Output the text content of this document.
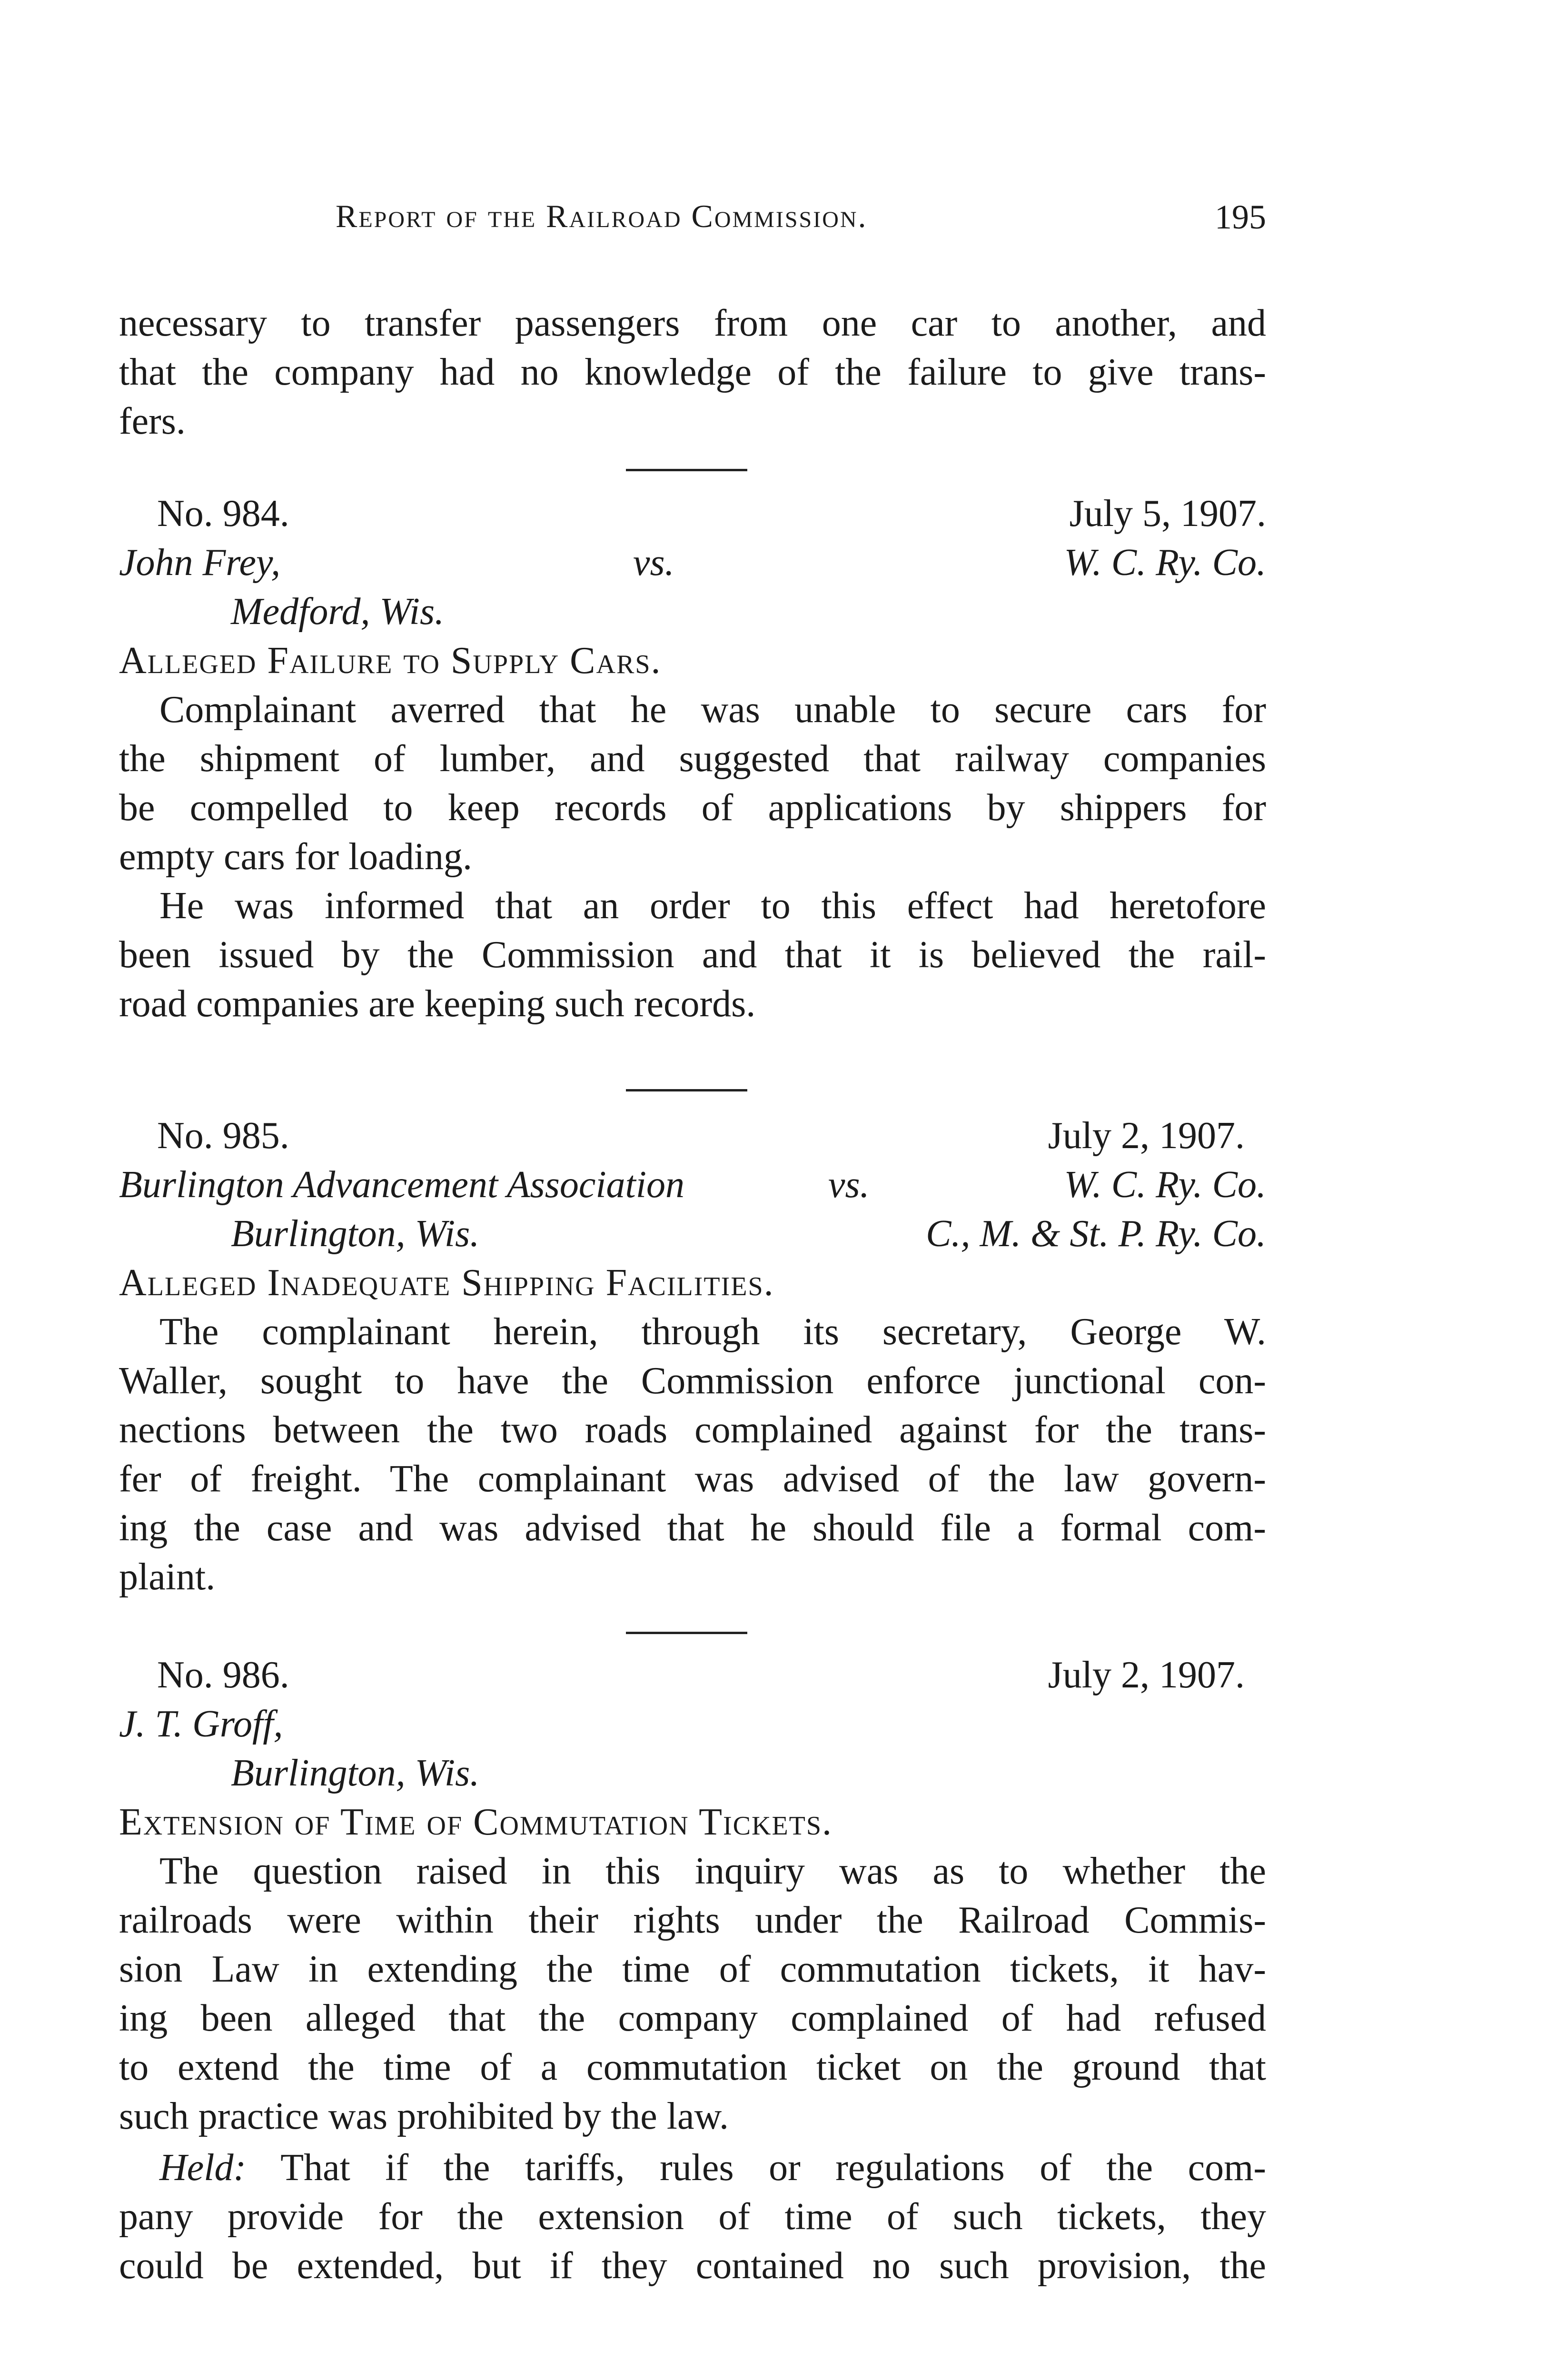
Report of the Railroad Commission.	195
necessary to transfer passengers from one car to another, and
that the company had no knowledge of the failure to give trans-
fers.
No. 984.	July 5, 1907.
John Frey,	vs.	W. C. Ry. Co.
Medford, Wis.
Alleged Failure to Supply Cars.
Complainant averred that he was unable to secure cars for
the shipment of lumber, and suggested that railway companies
be compelled to keep records of applications by shippers for
empty cars for loading.
He was informed that an order to this effect had heretofore
been issued by the Commission and that it is believed the rail-
road companies are keeping such records.
No. 985.	July 2, 1907.
Burlington Advancement Association	vs.	W. C. Ry. Co.
Burlington, Wis.	C., M. & St. P. Ry. Co.
Alleged Inadequate Shipping Facilities.
The complainant herein, through its secretary, George W.
Waller, sought to have the Commission enforce junctional con-
nections between the two roads complained against for the trans-
fer of freight. The complainant was advised of the law govern-
ing the case and was advised that he should file a formal com-
plaint.
No. 986.	July 2, 1907.
J. T. Groff,
Burlington, Wis.
Extension of Time of Commutation Tickets.
The question raised in this inquiry was as to whether the
railroads were within their rights under the Railroad Commis-
sion Law in extending the time of commutation tickets, it hav-
ing been alleged that the company complained of had refused
to extend the time of a commutation ticket on the ground that
such practice was prohibited by the law.
Held: That if the tariffs, rules or regulations of the com-
pany provide for the extension of time of such tickets, they
could be extended, but if they contained no such provision, the
